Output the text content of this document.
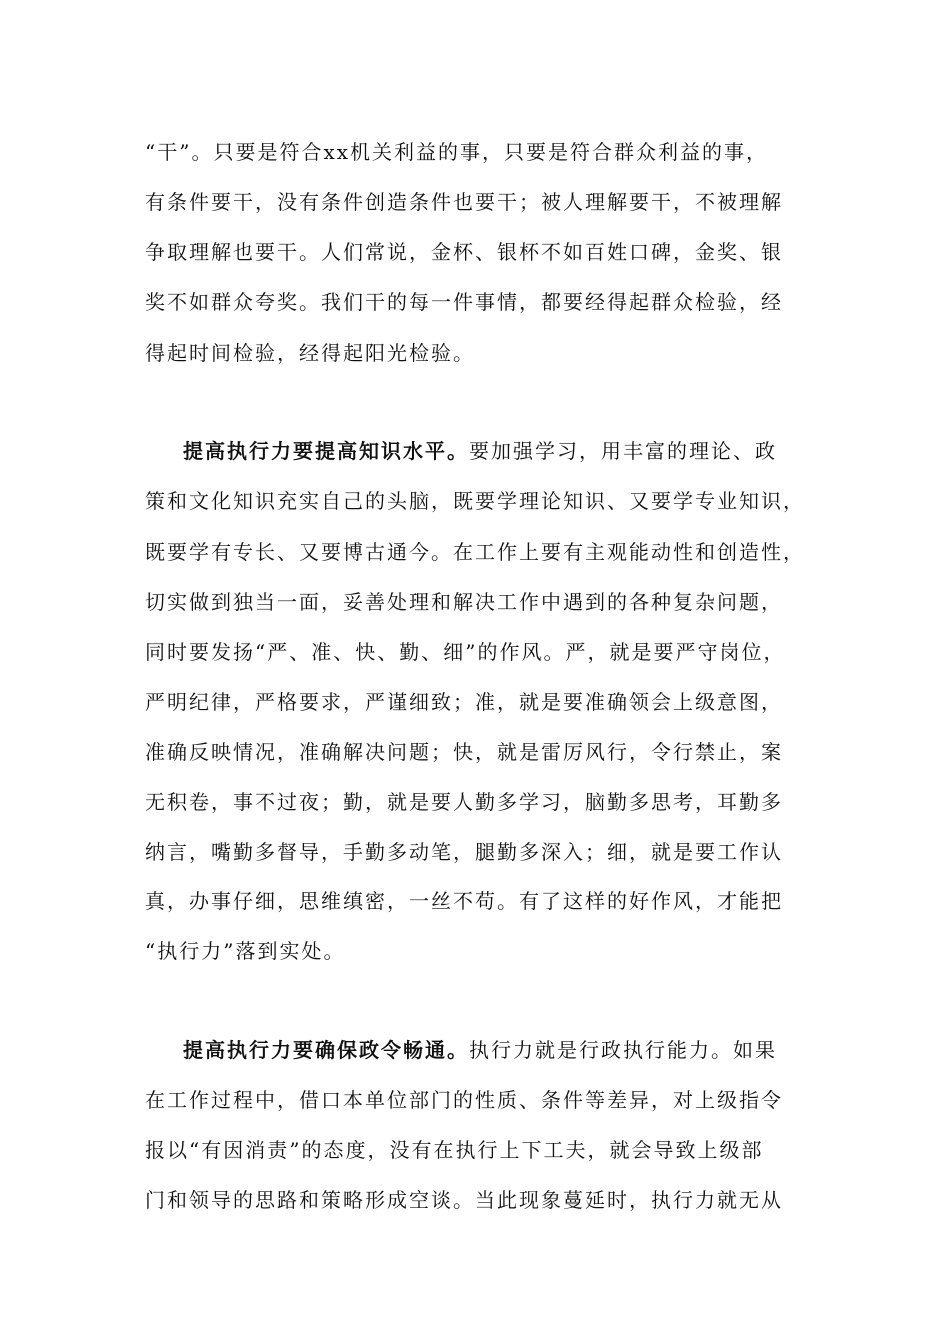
“干”。只要是符合xx机关利益的事，只要是符合群众利益的事，
有条件要干，没有条件创造条件也要干；被人理解要干，不被理解
争取理解也要干。人们常说，金杯、银杯不如百姓口碑，金奖、银
奖不如群众夸奖。我们干的每一件事情，都要经得起群众检验，经
得起时间检验，经得起阳光检验。
提高执行力要提高知识水平。要加强学习，用丰富的理论、政
策和文化知识充实自己的头脑，既要学理论知识、又要学专业知识，
既要学有专长、又要博古通今。在工作上要有主观能动性和创造性，
切实做到独当一面，妥善处理和解决工作中遇到的各种复杂问题，
同时要发扬“严、准、快、勤、细”的作风。严，就是要严守岗位，
严明纪律，严格要求，严谨细致；准，就是要准确领会上级意图，
准确反映情况，准确解决问题；快，就是雷厉风行，令行禁止，案
无积卷，事不过夜；勤，就是要人勤多学习，脑勤多思考，耳勤多
纳言，嘴勤多督导，手勤多动笔，腿勤多深入；细，就是要工作认
真，办事仔细，思维缜密，一丝不苟。有了这样的好作风，才能把
“执行力”落到实处。
提高执行力要确保政令畅通。执行力就是行政执行能力。如果
在工作过程中，借口本单位部门的性质、条件等差异，对上级指令
报以“有因消责”的态度，没有在执行上下工夫，就会导致上级部
门和领导的思路和策略形成空谈。当此现象蔓延时，执行力就无从
